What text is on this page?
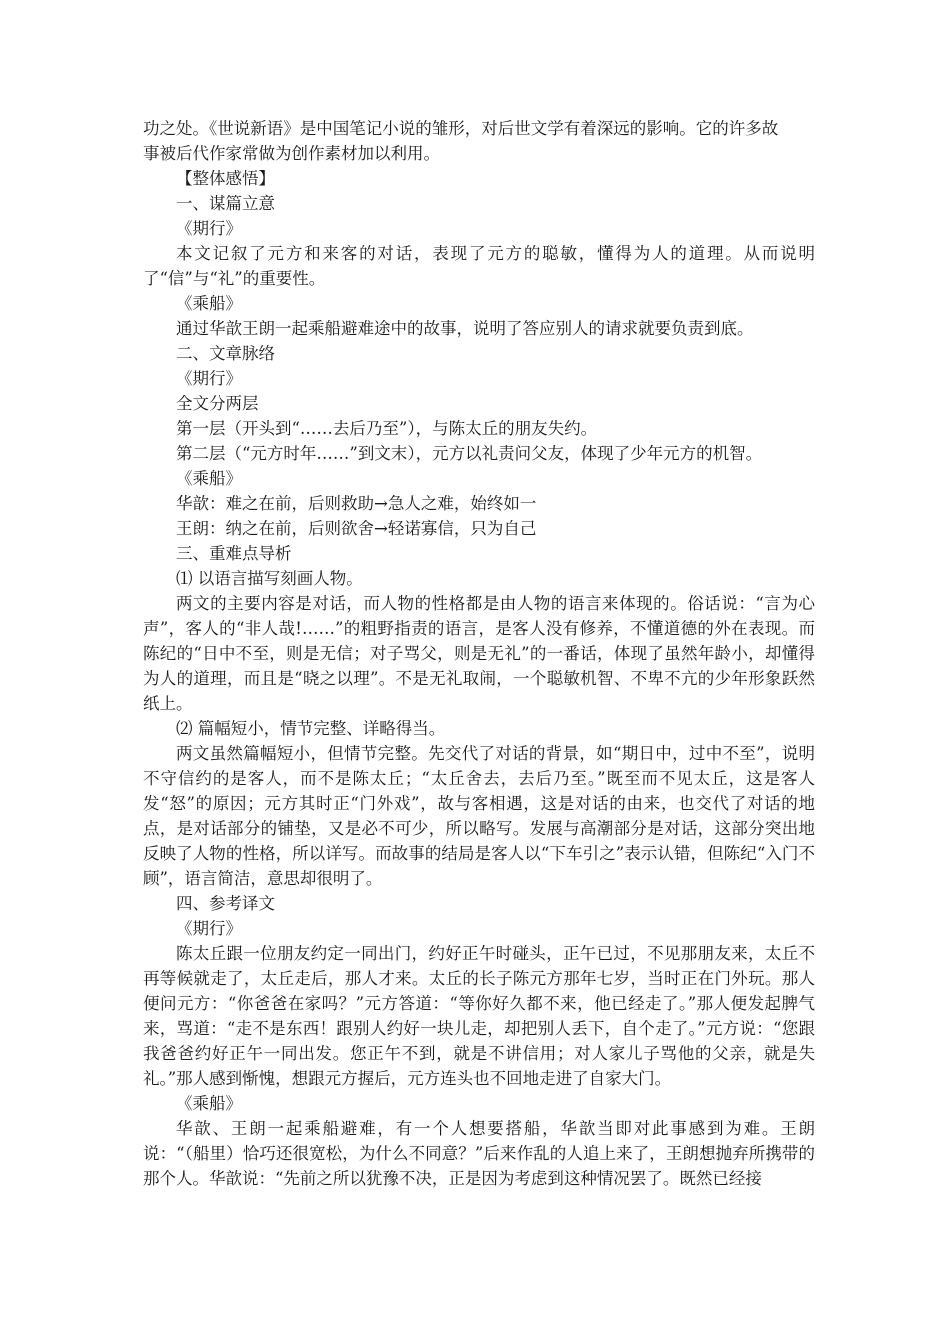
功之处。《世说新语》是中国笔记小说的雏形，对后世文学有着深远的影响。它的许多故
事被后代作家常做为创作素材加以利用。
【整体感悟】
一、谋篇立意
《期行》

本文记叙了元方和来客的对话，表现了元方的聪敏，懂得为人的道理。从而说明了“信”与“礼”的重要性。

《乘船》

通过华歆王朗一起乘船避难途中的故事，说明了答应别人的请求就要负责到底。

二、文章脉络
《期行》
全文分两层
第一层（开头到“……去后乃至”），与陈太丘的朋友失约。
第二层（“元方时年……”到文末），元方以礼责问父友，体现了少年元方的机智。
《乘船》
华歆：难之在前，后则救助→急人之难，始终如一
王朗：纳之在前，后则欲舍→轻诺寡信，只为自己
三、重难点导析
⑴ 以语言描写刻画人物。

两文的主要内容是对话，而人物的性格都是由人物的语言来体现的。俗话说：“言为心声”，客人的“非人哉!……”的粗野指责的语言，是客人没有修养，不懂道德的外在表现。而陈纪的“日中不至，则是无信；对子骂父，则是无礼”的一番话，体现了虽然年龄小，却懂得为人的道理，而且是“晓之以理”。不是无礼取闹，一个聪敏机智、不卑不亢的少年形象跃然纸上。

⑵ 篇幅短小，情节完整、详略得当。

两文虽然篇幅短小，但情节完整。先交代了对话的背景，如“期日中，过中不至”，说明不守信约的是客人，而不是陈太丘；“太丘舍去，去后乃至。”既至而不见太丘，这是客人发“怒”的原因；元方其时正“门外戏”，故与客相遇，这是对话的由来，也交代了对话的地点，是对话部分的铺垫，又是必不可少，所以略写。发展与高潮部分是对话，这部分突出地反映了人物的性格，所以详写。而故事的结局是客人以“下车引之”表示认错，但陈纪“入门不顾”，语言简洁，意思却很明了。

四、参考译文
《期行》

陈太丘跟一位朋友约定一同出门，约好正午时碰头，正午已过，不见那朋友来，太丘不再等候就走了，太丘走后，那人才来。太丘的长子陈元方那年七岁，当时正在门外玩。那人便问元方：“你爸爸在家吗？”元方答道：“等你好久都不来，他已经走了。”那人便发起脾气来，骂道：“走不是东西！跟别人约好一块儿走，却把别人丢下，自个走了。”元方说：“您跟我爸爸约好正午一同出发。您正午不到，就是不讲信用；对人家儿子骂他的父亲，就是失礼。”那人感到惭愧，想跟元方握后，元方连头也不回地走进了自家大门。

《乘船》

华歆、王朗一起乘船避难，有一个人想要搭船，华歆当即对此事感到为难。王朗说：“（船里）恰巧还很宽松，为什么不同意？”后来作乱的人追上来了，王朗想抛弃所携带的那个人。华歆说：“先前之所以犹豫不决，正是因为考虑到这种情况罢了。既然已经接
